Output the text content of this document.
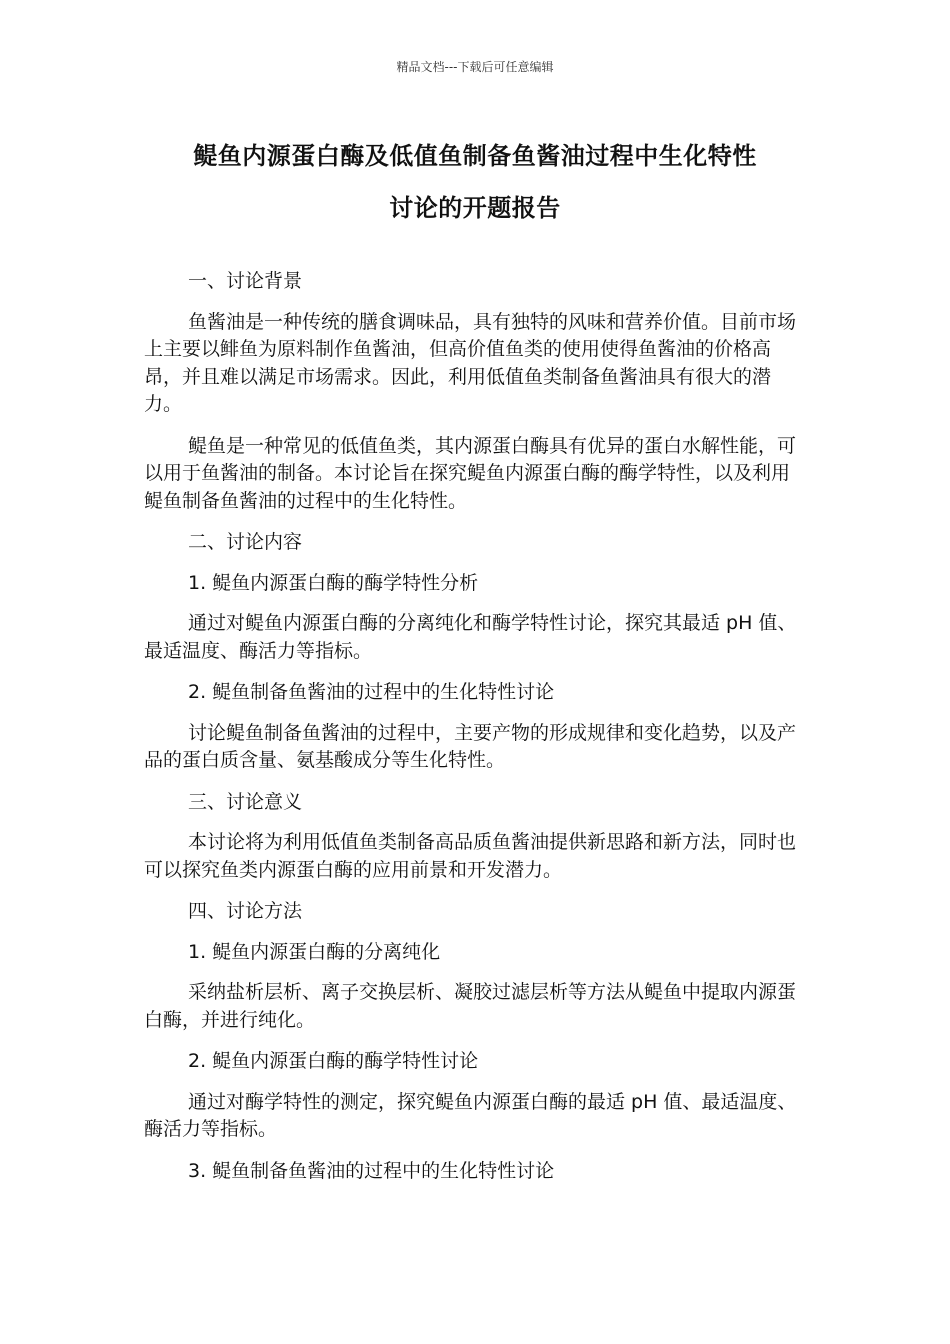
精品文档---下载后可任意编辑
鳀鱼内源蛋白酶及低值鱼制备鱼酱油过程中生化特性
讨论的开题报告

一、讨论背景

鱼酱油是一种传统的膳食调味品，具有独特的风味和营养价值。目前市场上主要以鲱鱼为原料制作鱼酱油，但高价值鱼类的使用使得鱼酱油的价格高昂，并且难以满足市场需求。因此，利用低值鱼类制备鱼酱油具有很大的潜力。

鳀鱼是一种常见的低值鱼类，其内源蛋白酶具有优异的蛋白水解性能，可以用于鱼酱油的制备。本讨论旨在探究鳀鱼内源蛋白酶的酶学特性，以及利用鳀鱼制备鱼酱油的过程中的生化特性。

二、讨论内容

1. 鳀鱼内源蛋白酶的酶学特性分析

通过对鳀鱼内源蛋白酶的分离纯化和酶学特性讨论，探究其最适 pH 值、最适温度、酶活力等指标。

2. 鳀鱼制备鱼酱油的过程中的生化特性讨论

讨论鳀鱼制备鱼酱油的过程中，主要产物的形成规律和变化趋势，以及产品的蛋白质含量、氨基酸成分等生化特性。

三、讨论意义

本讨论将为利用低值鱼类制备高品质鱼酱油提供新思路和新方法，同时也可以探究鱼类内源蛋白酶的应用前景和开发潜力。

四、讨论方法

1. 鳀鱼内源蛋白酶的分离纯化

采纳盐析层析、离子交换层析、凝胶过滤层析等方法从鳀鱼中提取内源蛋白酶，并进行纯化。

2. 鳀鱼内源蛋白酶的酶学特性讨论

通过对酶学特性的测定，探究鳀鱼内源蛋白酶的最适 pH 值、最适温度、酶活力等指标。

3. 鳀鱼制备鱼酱油的过程中的生化特性讨论
